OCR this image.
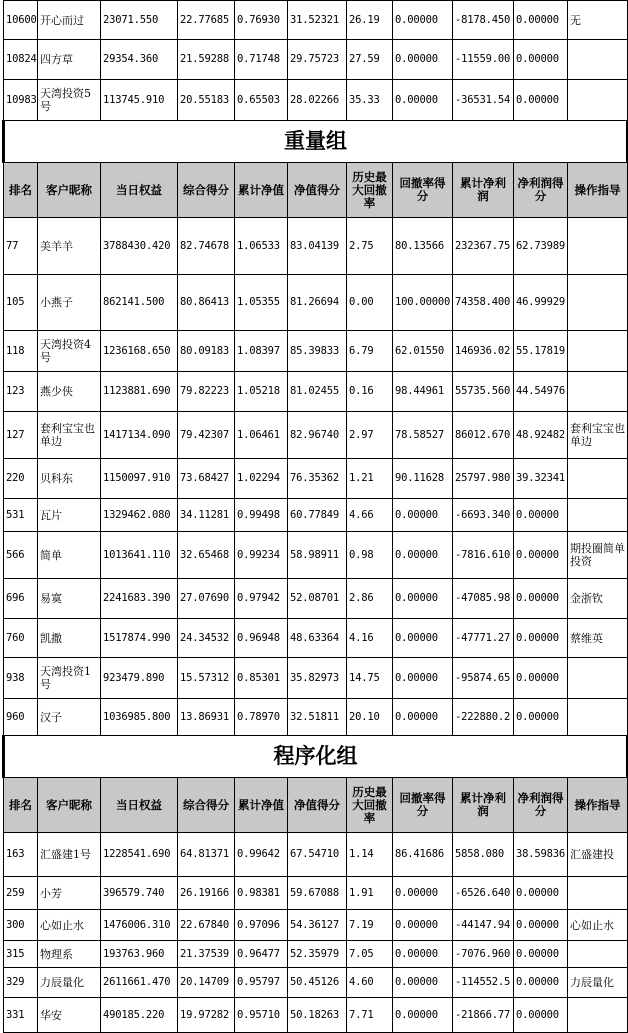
10600	开心而过	23071.550	22.77685	0.76930	31.52321	26.19	0.00000	-8178.450	0.00000	无
10824	四方草	29354.360	21.59288	0.71748	29.75723	27.59	0.00000	-11559.00	0.00000	
10983	天湾投资5号	113745.910	20.55183	0.65503	28.02266	35.33	0.00000	-36531.54	0.00000	
重量组										
排名	客户昵称	当日权益	综合得分	累计净值	净值得分	历史最大回撤率	回撤率得分	累计净利润	净利润得分	操作指导
77	美羊羊	3788430.420	82.74678	1.06533	83.04139	2.75	80.13566	232367.75	62.73989	
105	小燕子	862141.500	80.86413	1.05355	81.26694	0.00	100.00000	74358.400	46.99929	
118	天湾投资4号	1236168.650	80.09183	1.08397	85.39833	6.79	62.01550	146936.02	55.17819	
123	燕少侠	1123881.690	79.82223	1.05218	81.02455	0.16	98.44961	55735.560	44.54976	
127	套利宝宝也单边	1417134.090	79.42307	1.06461	82.96740	2.97	78.58527	86012.670	48.92482	套利宝宝也单边
220	贝科东	1150097.910	73.68427	1.02294	76.35362	1.21	90.11628	25797.980	39.32341	
531	瓦片	1329462.080	34.11281	0.99498	60.77849	4.66	0.00000	-6693.340	0.00000	
566	简单	1013641.110	32.65468	0.99234	58.98911	0.98	0.00000	-7816.610	0.00000	期投圈简单投资
696	易寞	2241683.390	27.07690	0.97942	52.08701	2.86	0.00000	-47085.98	0.00000	金浙钦
760	凯撒	1517874.990	24.34532	0.96948	48.63364	4.16	0.00000	-47771.27	0.00000	蔡维英
938	天湾投资1号	923479.890	15.57312	0.85301	35.82973	14.75	0.00000	-95874.65	0.00000	
960	汉子	1036985.800	13.86931	0.78970	32.51811	20.10	0.00000	-222880.2	0.00000	
程序化组										
排名	客户昵称	当日权益	综合得分	累计净值	净值得分	历史最大回撤率	回撤率得分	累计净利润	净利润得分	操作指导
163	汇盛建1号	1228541.690	64.81371	0.99642	67.54710	1.14	86.41686	5858.080	38.59836	汇盛建投
259	小芳	396579.740	26.19166	0.98381	59.67088	1.91	0.00000	-6526.640	0.00000	
300	心如止水	1476006.310	22.67840	0.97096	54.36127	7.19	0.00000	-44147.94	0.00000	心如止水
315	物理系	193763.960	21.37539	0.96477	52.35979	7.05	0.00000	-7076.960	0.00000	
329	力辰量化	2611661.470	20.14709	0.95797	50.45126	4.60	0.00000	-114552.5	0.00000	力辰量化
331	华安	490185.220	19.97282	0.95710	50.18263	7.71	0.00000	-21866.77	0.00000	
